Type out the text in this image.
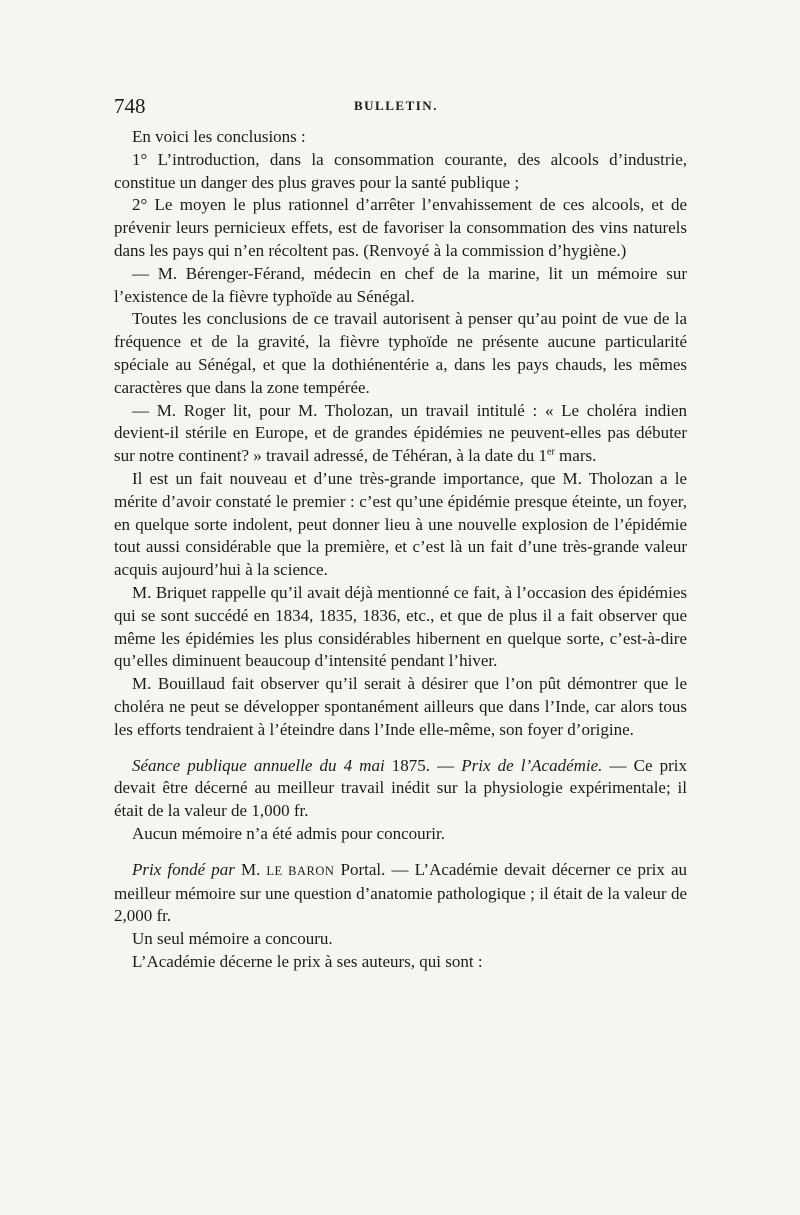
748	BULLETIN.

En voici les conclusions :

1° L’introduction, dans la consommation courante, des alcools d’industrie, constitue un danger des plus graves pour la santé publique ;

2° Le moyen le plus rationnel d’arrêter l’envahissement de ces alcools, et de prévenir leurs pernicieux effets, est de favoriser la consommation des vins naturels dans les pays qui n’en récoltent pas. (Renvoyé à la commission d’hygiène.)

— M. Bérenger-Férand, médecin en chef de la marine, lit un mémoire sur l’existence de la fièvre typhoïde au Sénégal.

Toutes les conclusions de ce travail autorisent à penser qu’au point de vue de la fréquence et de la gravité, la fièvre typhoïde ne présente aucune particularité spéciale au Sénégal, et que la dothiénentérie a, dans les pays chauds, les mêmes caractères que dans la zone tempérée.

— M. Roger lit, pour M. Tholozan, un travail intitulé : « Le choléra indien devient-il stérile en Europe, et de grandes épidémies ne peuvent-elles pas débuter sur notre continent? » travail adressé, de Téhéran, à la date du 1er mars.

Il est un fait nouveau et d’une très-grande importance, que M. Tholozan a le mérite d’avoir constaté le premier : c’est qu’une épidémie presque éteinte, un foyer, en quelque sorte indolent, peut donner lieu à une nouvelle explosion de l’épidémie tout aussi considérable que la première, et c’est là un fait d’une très-grande valeur acquis aujourd’hui à la science.

M. Briquet rappelle qu’il avait déjà mentionné ce fait, à l’occasion des épidémies qui se sont succédé en 1834, 1835, 1836, etc., et que de plus il a fait observer que même les épidémies les plus considérables hibernent en quelque sorte, c’est-à-dire qu’elles diminuent beaucoup d’intensité pendant l’hiver.

M. Bouillaud fait observer qu’il serait à désirer que l’on pût démontrer que le choléra ne peut se développer spontanément ailleurs que dans l’Inde, car alors tous les efforts tendraient à l’éteindre dans l’Inde elle-même, son foyer d’origine.

Séance publique annuelle du 4 mai 1875. — Prix de l’Académie. — Ce prix devait être décerné au meilleur travail inédit sur la physiologie expérimentale; il était de la valeur de 1,000 fr.

Aucun mémoire n’a été admis pour concourir.

Prix fondé par M. LE BARON Portal. — L’Académie devait décerner ce prix au meilleur mémoire sur une question d’anatomie pathologique ; il était de la valeur de 2,000 fr.

Un seul mémoire a concouru.

L’Académie décerne le prix à ses auteurs, qui sont :
